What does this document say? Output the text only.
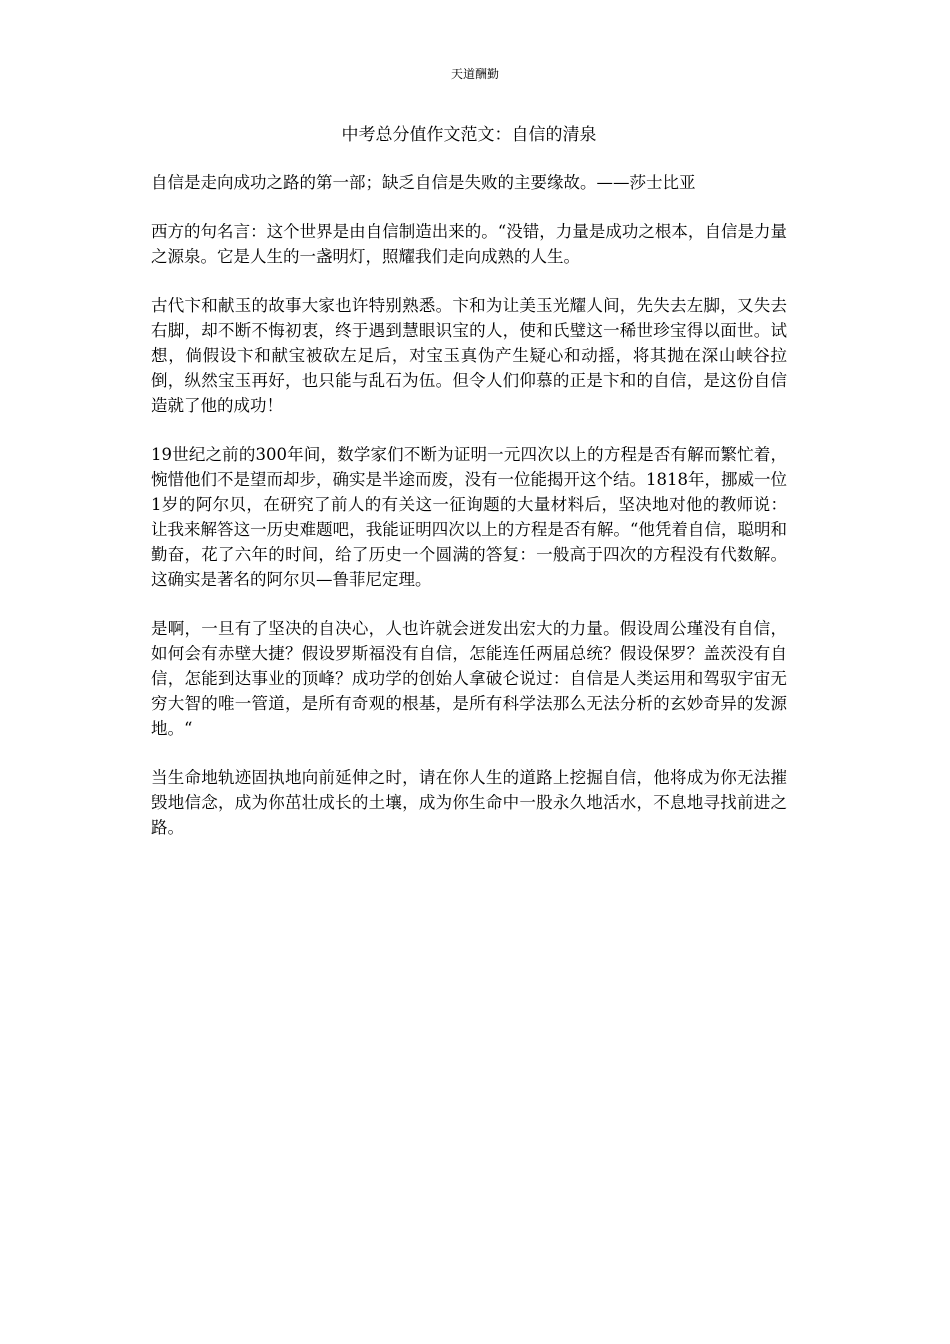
天道酬勤
中考总分值作文范文：自信的清泉

自信是走向成功之路的第一部；缺乏自信是失败的主要缘故。——莎士比亚

西方的句名言：这个世界是由自信制造出来的。“没错，力量是成功之根本，自信是力量之源泉。它是人生的一盏明灯，照耀我们走向成熟的人生。

古代卞和献玉的故事大家也许特别熟悉。卞和为让美玉光耀人间，先失去左脚，又失去右脚，却不断不悔初衷，终于遇到慧眼识宝的人，使和氏璧这一稀世珍宝得以面世。试想，倘假设卞和献宝被砍左足后，对宝玉真伪产生疑心和动摇，将其抛在深山峡谷拉倒，纵然宝玉再好，也只能与乱石为伍。但令人们仰慕的正是卞和的自信，是这份自信造就了他的成功！

19世纪之前的300年间，数学家们不断为证明一元四次以上的方程是否有解而繁忙着，惋惜他们不是望而却步，确实是半途而废，没有一位能揭开这个结。1818年，挪威一位1岁的阿尔贝，在研究了前人的有关这一征询题的大量材料后，坚决地对他的教师说：让我来解答这一历史难题吧，我能证明四次以上的方程是否有解。“他凭着自信，聪明和勤奋，花了六年的时间，给了历史一个圆满的答复：一般高于四次的方程没有代数解。这确实是著名的阿尔贝—鲁菲尼定理。

是啊，一旦有了坚决的自决心，人也许就会迸发出宏大的力量。假设周公瑾没有自信，如何会有赤壁大捷？假设罗斯福没有自信，怎能连任两届总统？假设保罗？盖茨没有自信，怎能到达事业的顶峰？成功学的创始人拿破仑说过：自信是人类运用和驾驭宇宙无穷大智的唯一管道，是所有奇观的根基，是所有科学法那么无法分析的玄妙奇异的发源地。“

当生命地轨迹固执地向前延伸之时，请在你人生的道路上挖掘自信，他将成为你无法摧毁地信念，成为你茁壮成长的土壤，成为你生命中一股永久地活水，不息地寻找前进之路。
